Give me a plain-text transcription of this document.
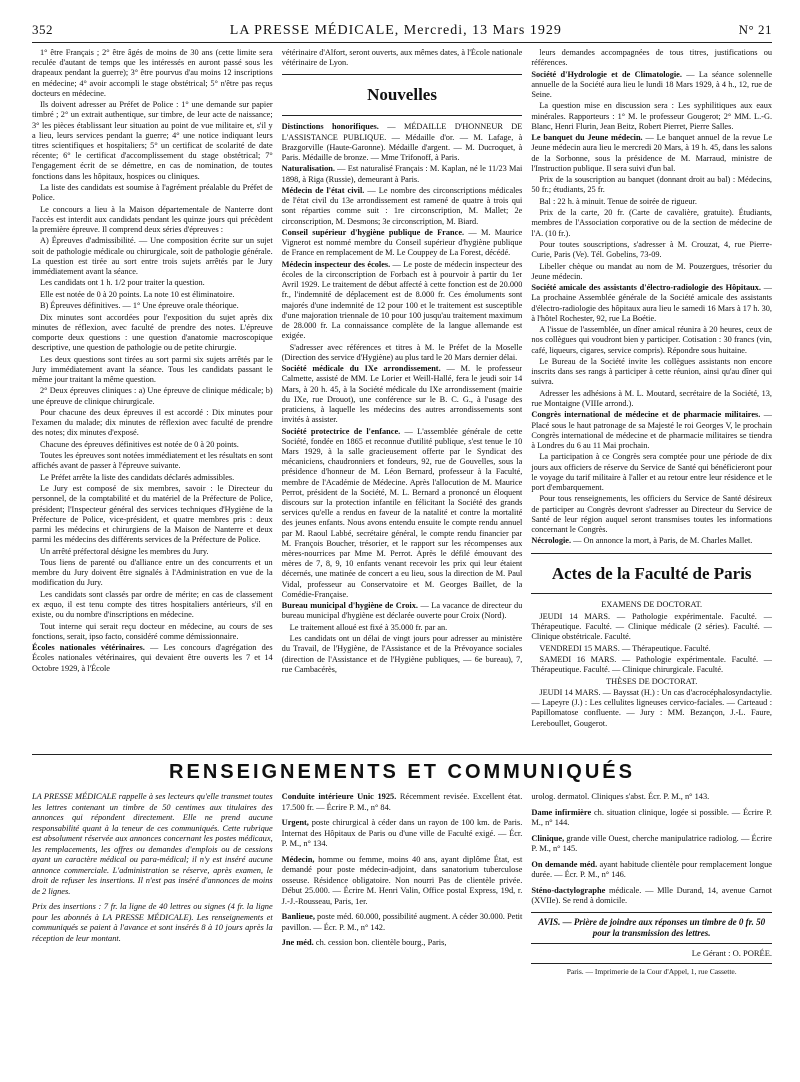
352	LA PRESSE MÉDICALE, Mercredi, 13 Mars 1929	N° 21

1° être Français ; 2° être âgés de moins de 30 ans (cette limite sera reculée d'autant de temps que les intéressés en auront passé sous les drapeaux pendant la guerre); 3° être pourvus d'au moins 12 inscriptions en médecine; 4° avoir accompli le stage obstétrical; 5° n'être pas reçus docteurs en médecine.

Ils doivent adresser au Préfet de Police : 1° une demande sur papier timbré ; 2° un extrait authentique, sur timbre, de leur acte de naissance; 3° les pièces établissant leur situation au point de vue militaire et, s'il y a lieu, leurs services pendant la guerre; 4° une notice indiquant leurs titres scientifiques et hospitaliers; 5° un certificat de scolarité de date récente; 6° le certificat d'accomplissement du stage obstétrical; 7° l'engagement écrit de se démettre, en cas de nomination, de toutes fonctions dans les hôpitaux, hospices ou cliniques.

La liste des candidats est soumise à l'agrément préalable du Préfet de Police.

Le concours a lieu à la Maison départementale de Nanterre dont l'accès est interdit aux candidats pendant les quinze jours qui précèdent la première épreuve. Il comprend deux séries d'épreuves :

A) Épreuves d'admissibilité. — Une composition écrite sur un sujet soit de pathologie médicale ou chirurgicale, soit de pathologie générale. La question est tirée au sort entre trois sujets arrêtés par le Jury immédiatement avant la séance.

Les candidats ont 1 h. 1/2 pour traiter la question.

Elle est notée de 0 à 20 points. La note 10 est éliminatoire.

B) Épreuves définitives. — 1° Une épreuve orale théorique.

Dix minutes sont accordées pour l'exposition du sujet après dix minutes de réflexion, avec faculté de prendre des notes. L'épreuve comporte deux questions : une question d'anatomie macroscopique descriptive, une question de pathologie ou de petite chirurgie.

Les deux questions sont tirées au sort parmi six sujets arrêtés par le Jury immédiatement avant la séance. Tous les candidats passant le même jour traitant la même question.

2° Deux épreuves cliniques : a) Une épreuve de clinique médicale; b) une épreuve de clinique chirurgicale.

Pour chacune des deux épreuves il est accordé : Dix minutes pour l'examen du malade; dix minutes de réflexion avec faculté de prendre des notes; dix minutes d'exposé.

Chacune des épreuves définitives est notée de 0 à 20 points.

Toutes les épreuves sont notées immédiatement et les résultats en sont affichés avant de passer à l'épreuve suivante.

Le Préfet arrête la liste des candidats déclarés admissibles.

Le Jury est composé de six membres, savoir : le Directeur du personnel, de la comptabilité et du matériel de la Préfecture de Police, président; l'Inspecteur général des services techniques d'Hygiène de la Préfecture de Police, vice-président, et quatre membres pris : deux parmi les médecins et chirurgiens de la Maison de Nanterre et deux parmi les médecins des différents services de la Préfecture de Police.

Un arrêté préfectoral désigne les membres du Jury.

Tous liens de parenté ou d'alliance entre un des concurrents et un membre du Jury doivent être signalés à l'Administration en vue de la modification du Jury.

Les candidats sont classés par ordre de mérite; en cas de classement ex æquo, il est tenu compte des titres hospitaliers antérieurs, s'il en existe, ou du nombre d'inscriptions en médecine.

Tout interne qui serait reçu docteur en médecine, au cours de ses fonctions, serait, ipso facto, considéré comme démissionnaire.

Écoles nationales vétérinaires. — Les concours d'agrégation des Écoles nationales vétérinaires, qui devaient être ouverts les 7 et 14 Octobre 1929, à l'École

vétérinaire d'Alfort, seront ouverts, aux mêmes dates, à l'École nationale vétérinaire de Lyon.

Nouvelles

Distinctions honorifiques. — MÉDAILLE D'HONNEUR DE L'ASSISTANCE PUBLIQUE. — Médaille d'or. — M. Lafage, à Brazgorville (Haute-Garonne). Médaille d'argent. — M. Ducroquet, à Paris. Médaille de bronze. — Mme Trifonoff, à Paris.

Naturalisation. — Est naturalisé Français : M. Kaplan, né le 11/23 Mai 1898, à Riga (Russie), demeurant à Paris.

Médecin de l'état civil. — Le nombre des circonscriptions médicales de l'état civil du 13e arrondissement est ramené de quatre à trois qui sont réparties comme suit : 1re circonscription, M. Mallet; 2e circonscription, M. Desmons; 3e circonscription, M. Biard.

Conseil supérieur d'hygiène publique de France. — M. Maurice Vignerot est nommé membre du Conseil supérieur d'hygiène publique de France en remplacement de M. Le Couppey de La Forest, décédé.

Médecin inspecteur des écoles. — Le poste de médecin inspecteur des écoles de la circonscription de Forbach est à pourvoir à partir du 1er Avril 1929. Le traitement de début affecté à cette fonction est de 20.000 fr., l'indemnité de déplacement est de 8.000 fr. Ces émoluments sont majorés d'une indemnité de 12 pour 100 et le traitement est susceptible d'une majoration triennale de 10 pour 100 jusqu'au traitement maximum de 28.000 fr. La connaissance complète de la langue allemande est exigée.

S'adresser avec références et titres à M. le Préfet de la Moselle (Direction des service d'Hygiène) au plus tard le 20 Mars dernier délai.

Société médicale du IXe arrondissement. — M. le professeur Calmette, assisté de MM. Le Lorier et Weill-Hallé, fera le jeudi soir 14 Mars, à 20 h. 45, à la Société médicale du IXe arrondissement (mairie du IXe, rue Drouot), une conférence sur le B. C. G., à l'usage des praticiens, à laquelle les médecins des autres arrondissements sont invités à assister.

Société protectrice de l'enfance. — L'assemblée générale de cette Société, fondée en 1865 et reconnue d'utilité publique, s'est tenue le 10 Mars 1929, à la salle gracieusement offerte par le Syndicat des mécaniciens, chaudronniers et fondeurs, 92, rue de Gouvelles, sous la présidence d'honneur de M. Léon Bernard, professeur à la Faculté, membre de l'Académie de Médecine. Après l'allocution de M. Maurice Perrot, président de la Société, M. L. Bernard a prononcé un éloquent discours sur la protection infantile en félicitant la Société des grands services qu'elle a rendus en faveur de la natalité et contre la mortalité des jeunes enfants. Nous avons entendu ensuite le compte rendu annuel par M. Raoul Labbé, secrétaire général, le compte rendu financier par M. François Boucher, trésorier, et le rapport sur les récompenses aux mères-nourrices par Mme M. Perrot. Après le défilé émouvant des mères de 7, 8, 9, 10 enfants venant recevoir les prix qui leur étaient décernés, une matinée de concert a eu lieu, sous la direction de M. Paul Vidal, professeur au Conservatoire et M. Georges Baillet, de la Comédie-Française.

Bureau municipal d'hygiène de Croix. — La vacance de directeur du bureau municipal d'hygiène est déclarée ouverte pour Croix (Nord).

Le traitement alloué est fixé à 35.000 fr. par an.

Les candidats ont un délai de vingt jours pour adresser au ministère du Travail, de l'Hygiène, de l'Assistance et de la Prévoyance sociales (direction de l'Assistance et de l'Hygiène publiques, — 6e bureau), 7, rue Cambacérès,

leurs demandes accompagnées de tous titres, justifications ou références.

Société d'Hydrologie et de Climatologie. — La séance solennelle annuelle de la Société aura lieu le lundi 18 Mars 1929, à 4 h., 12, rue de Seine.

La question mise en discussion sera : Les syphilitiques aux eaux minérales. Rapporteurs : 1° M. le professeur Gougerot; 2° MM. L.-G. Blanc, Henri Flurin, Jean Beitz, Robert Pierret, Pierre Salles.

Le banquet du Jeune médecin. — Le banquet annuel de la revue Le Jeune médecin aura lieu le mercredi 20 Mars, à 19 h. 45, dans les salons de la Sorbonne, sous la présidence de M. Marraud, ministre de l'Instruction publique. Il sera suivi d'un bal.

Prix de la souscription au banquet (donnant droit au bal) : Médecins, 50 fr.; étudiants, 25 fr.

Bal : 22 h. à minuit. Tenue de soirée de rigueur.

Prix de la carte, 20 fr. (Carte de cavalière, gratuite). Étudiants, membres de l'Association corporative ou de la section de médecine de l'A. (10 fr.).

Pour toutes souscriptions, s'adresser à M. Crouzat, 4, rue Pierre-Curie, Paris (Ve). Tél. Gobelins, 73-09.

Libeller chèque ou mandat au nom de M. Pouzergues, trésorier du Jeune médecin.

Société amicale des assistants d'électro-radiologie des Hôpitaux. — La prochaine Assemblée générale de la Société amicale des assistants d'électro-radiologie des hôpitaux aura lieu le samedi 16 Mars à 17 h. 30, à l'hôtel Rochester, 92, rue La Boétie.

A l'issue de l'assemblée, un dîner amical réunira à 20 heures, ceux de nos collègues qui voudront bien y participer. Cotisation : 30 francs (vin, café, liqueurs, cigares, service compris). Répondre sous huitaine.

Le Bureau de la Société invite les collègues assistants non encore inscrits dans ses rangs à participer à cette réunion, ainsi qu'au dîner qui suivra.

Adresser les adhésions à M. L. Moutard, secrétaire de la Société, 13, rue Montaigne (VIIIe arrond.).

Congrès international de médecine et de pharmacie militaires. — Placé sous le haut patronage de sa Majesté le roi Georges V, le prochain Congrès international de médecine et de pharmacie militaires se tiendra à Londres du 6 au 11 Mai prochain.

La participation à ce Congrès sera comptée pour une période de dix jours aux officiers de réserve du Service de Santé qui bénéficieront pour le voyage du tarif militaire à l'aller et au retour entre leur résidence et le port d'embarquement.

Pour tous renseignements, les officiers du Service de Santé désireux de participer au Congrès devront s'adresser au Directeur du Service de Santé de leur région auquel seront transmises toutes les informations concernant le Congrès.

Nécrologie. — On annonce la mort, à Paris, de M. Charles Mallet.

Actes de la Faculté de Paris

EXAMENS DE DOCTORAT.

JEUDI 14 MARS. — Pathologie expérimentale. Faculté. — Thérapeutique. Faculté. — Clinique médicale (2 séries). Faculté. — Clinique obstétricale. Faculté.

VENDREDI 15 MARS. — Thérapeutique. Faculté.

SAMEDI 16 MARS. — Pathologie expérimentale. Faculté. — Thérapeutique. Faculté. — Clinique chirurgicale. Faculté.

THÈSES DE DOCTORAT.

JEUDI 14 MARS. — Bayssat (H.) : Un cas d'acrocéphalosyndactylie. — Lapeyre (J.) : Les cellulites ligneuses cervico-faciales. — Carteaud : Papillomatose confluente. — Jury : MM. Bezançon, J.-L. Faure, Lereboullet, Gougerot.

RENSEIGNEMENTS ET COMMUNIQUÉS

LA PRESSE MÉDICALE rappelle à ses lecteurs qu'elle transmet toutes les lettres contenant un timbre de 50 centimes aux titulaires des annonces qui répondent directement. Elle ne prend aucune responsabilité quant à la teneur de ces communiqués. Cette rubrique est absolument réservée aux annonces concernant les postes médicaux, les remplacements, les offres ou demandes d'emplois ou de cessions ayant un caractère médical ou para-médical; il n'y est inséré aucune annonce commerciale. L'administration se réserve, après examen, le droit de refuser les insertions. Il n'est pas inséré d'annonces de moins de 2 lignes.

Prix des insertions : 7 fr. la ligne de 40 lettres ou signes (4 fr. la ligne pour les abonnés à LA PRESSE MÉDICALE). Les renseignements et communiqués se paient à l'avance et sont insérés 8 à 10 jours après la réception de leur montant.

Conduite intérieure Unic 1925. Récemment revisée. Excellent état. 17.500 fr. — Écrire P. M., n° 84.

Urgent, poste chirurgical à céder dans un rayon de 100 km. de Paris. Internat des Hôpitaux de Paris ou d'une ville de Faculté exigé. — Écr. P. M., n° 134.

Médecin, homme ou femme, moins 40 ans, ayant diplôme État, est demandé pour poste médecin-adjoint, dans sanatorium tuberculose osseuse. Résidence obligatoire. Non nourri Pas de clientèle privée. Début 25.000. — Écrire M. Henri Valin, Office postal Express, 19d, r. J.-J.-Rousseau, Paris, 1er.

Banlieue, poste méd. 60.000, possibilité augment. A céder 30.000. Petit pavillon. — Écr. P. M., n° 142.

Jne méd. ch. cession bon. clientèle bourg., Paris,

urolog. dermatol. Cliniques s'abst. Écr. P. M., n° 143.

Dame infirmière ch. situation clinique, logée si possible. — Écrire P. M., n° 144.

Clinique, grande ville Ouest, cherche manipulatrice radiolog. — Écrire P. M., n° 145.

On demande méd. ayant habitude clientèle pour remplacement longue durée. — Écr. P. M., n° 146.

Sténo-dactylographe médicale. — Mlle Durand, 14, avenue Carnot (XVIIe). Se rend à domicile.

AVIS. — Prière de joindre aux réponses un timbre de 0 fr. 50 pour la transmission des lettres.
Le Gérant : O. PORÉE.
Paris. — Imprimerie de la Cour d'Appel, 1, rue Cassette.
